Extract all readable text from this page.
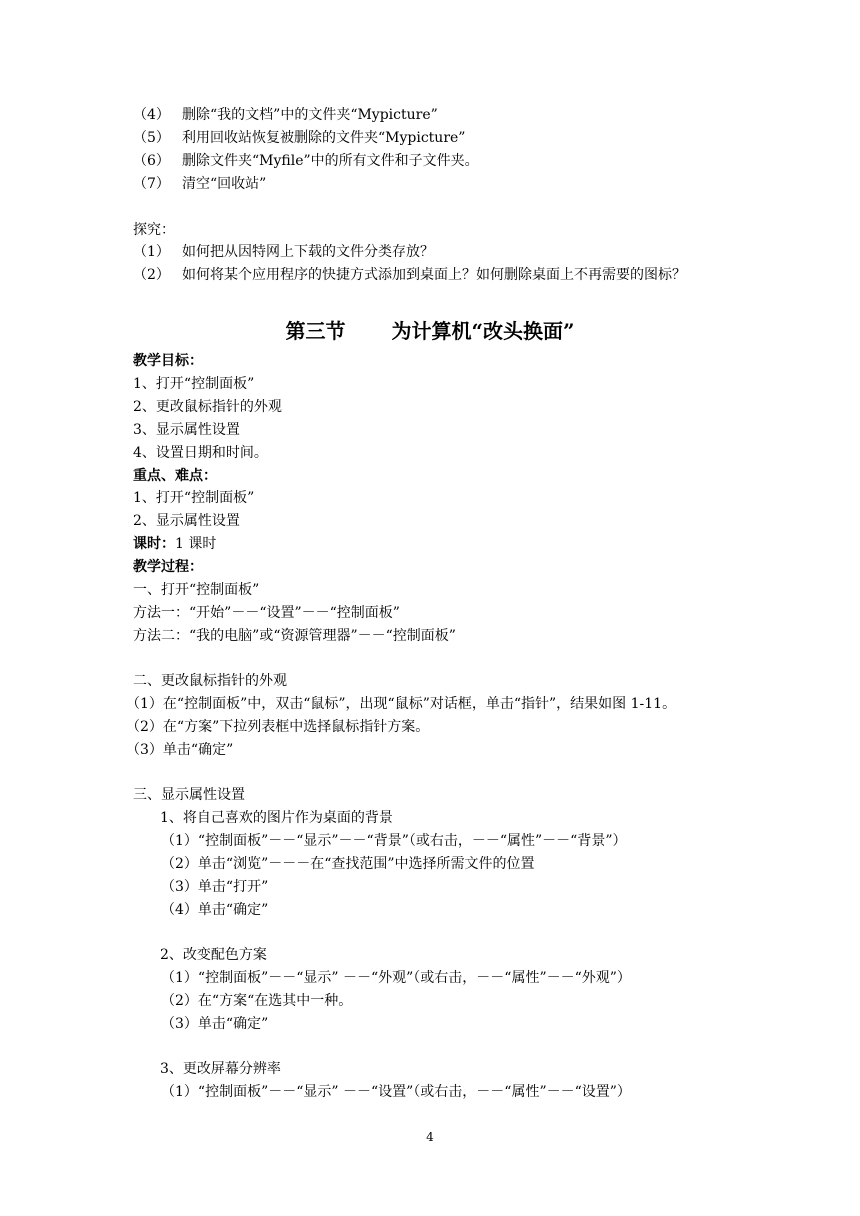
（4） 删除“我的文档”中的文件夹“Mypicture”
（5） 利用回收站恢复被删除的文件夹“Mypicture”
（6） 删除文件夹“Myfile”中的所有文件和子文件夹。
（7） 清空“回收站”
探究：
（1） 如何把从因特网上下载的文件分类存放？
（2） 如何将某个应用程序的快捷方式添加到桌面上？如何删除桌面上不再需要的图标？
第三节 为计算机“改头换面”
教学目标：
1、打开“控制面板”
2、更改鼠标指针的外观
3、显示属性设置
4、设置日期和时间。
重点、难点：
1、打开“控制面板”
2、显示属性设置
课时：1 课时
教学过程：
一、打开“控制面板”
方法一：“开始”－－“设置”－－“控制面板”
方法二：“我的电脑”或“资源管理器”－－“控制面板”
二、更改鼠标指针的外观
（1）在“控制面板”中，双击“鼠标”，出现“鼠标”对话框，单击“指针”，结果如图 1-11。
（2）在“方案”下拉列表框中选择鼠标指针方案。
（3）单击“确定”
三、显示属性设置
1、将自己喜欢的图片作为桌面的背景
（1）“控制面板”－－“显示”－－“背景”（或右击，－－“属性”－－“背景”）
（2）单击“浏览”－－－在“查找范围”中选择所需文件的位置
（3）单击“打开”
（4）单击“确定”
2、改变配色方案
（1）“控制面板”－－“显示” －－“外观”（或右击，－－“属性”－－“外观”）
（2）在“方案“在选其中一种。
（3）单击“确定”
3、更改屏幕分辨率
（1）“控制面板”－－“显示” －－“设置”（或右击，－－“属性”－－“设置”）
4
